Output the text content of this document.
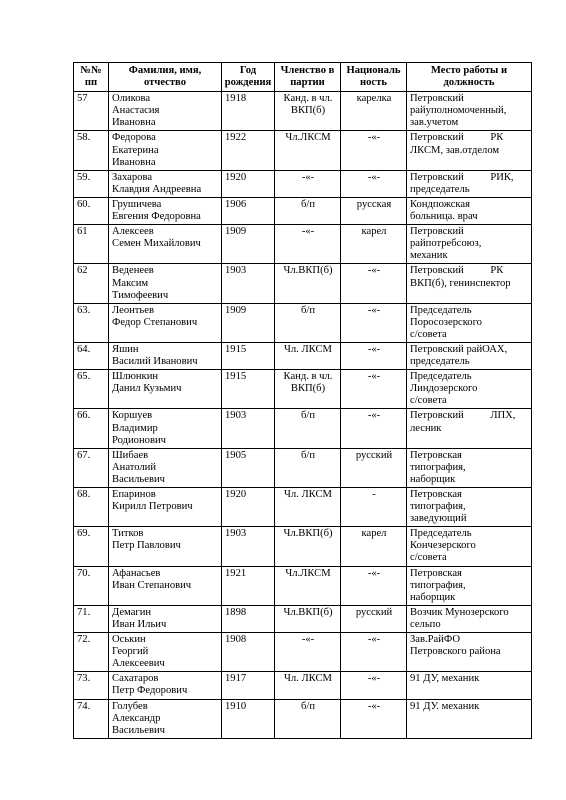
№№ пп	Фамилия, имя, отчество	Год рождения	Членство в партии	Националь ность	Место работы и должность
57	Оликова
Анастасия
Ивановна	1918	Канд. в чл. ВКП(б)	карелка	Петровский
райуполномоченный,
зав.учетом

58.	Федорова
Екатерина
Ивановна	1922	Чл.ЛКСМ	-«-	Петровский          РК
ЛКСМ, зав.отделом

59.	Захарова
Клавдия Андреевна	1920	-«-	-«-	Петровский          РИК,
председатель

60.	Грушичева
Евгения Федоровна	1906	б/п	русская	Кондпожская
больница. врач

61	Алексеев
Семен Михайлович	1909	-«-	карел	Петровский
райпотребсоюз,
механик

62	Веденеев
Максим
Тимофеевич	1903	Чл.ВКП(б)	-«-	Петровский          РК
ВКП(б), генинспектор

63.	Леонтьев
Федор Степанович	1909	б/п	-«-	Председатель
Поросозерского
с/совета

64.	Яшин
Василий Иванович	1915	Чл. ЛКСМ	-«-	Петровский райОАХ,
председатель

65.	Шлюнкин
Данил Кузьмич	1915	Канд. в чл. ВКП(б)	-«-	Председатель
Линдозерского
с/совета

66.	Коршуев
Владимир
Родионович	1903	б/п	-«-	Петровский          ЛПХ,
лесник

67.	Шибаев
Анатолий
Васильевич	1905	б/п	русский	Петровская
типография,
наборщик

68.	Епаринов
Кирилл Петрович	1920	Чл. ЛКСМ	-	Петровская
типография,
заведующий

69.	Титков
Петр Павлович	1903	Чл.ВКП(б)	карел	Председатель
Кончезерского
с/совета

70.	Афанасьев
Иван Степанович	1921	Чл.ЛКСМ	-«-	Петровская
типография,
наборщик

71.	Демагин
Иван Ильич	1898	Чл.ВКП(б)	русский	Возчик Мунозерского
сельпо

72.	Оськин
Георгий
Алексеевич	1908	-«-	-«-	Зав.РайФО
Петровского района

73.	Сахатаров
Петр Федорович	1917	Чл. ЛКСМ	-«-	91 ДУ, механик

74.	Голубев
Александр
Васильевич	1910	б/п	-«-	91 ДУ. механик
